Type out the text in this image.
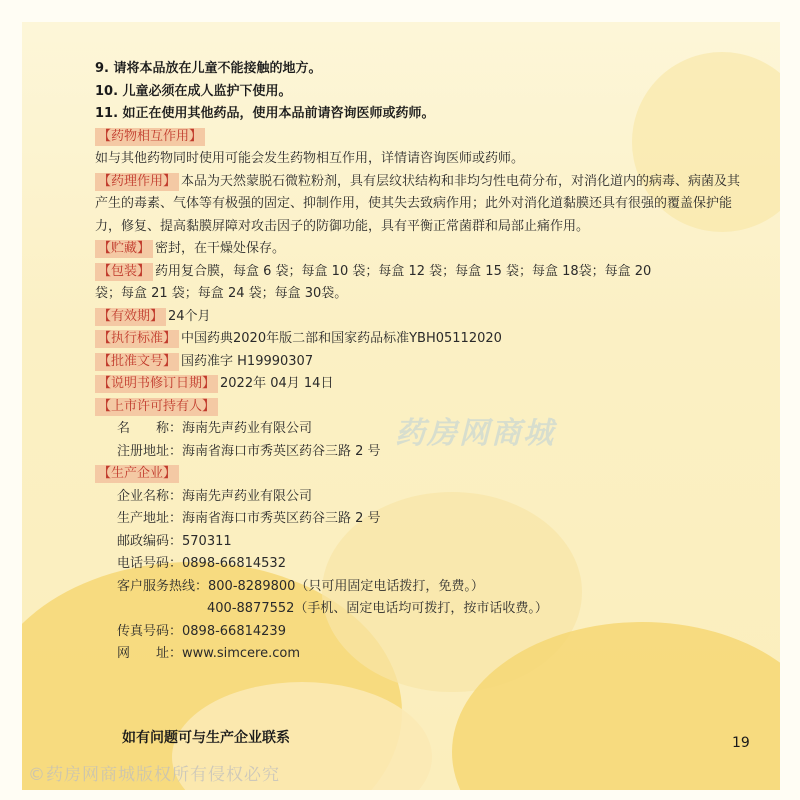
药房网商城
9. 请将本品放在儿童不能接触的地方。
10. 儿童必须在成人监护下使用。
11. 如正在使用其他药品，使用本品前请咨询医师或药师。
【药物相互作用】
如与其他药物同时使用可能会发生药物相互作用，详情请咨询医师或药师。
【药理作用】 本品为天然蒙脱石微粒粉剂，具有层纹状结构和非均匀性电荷分布，对消化道内的病毒、病菌及其产生的毒素、气体等有极强的固定、抑制作用，使其失去致病作用；此外对消化道黏膜还具有很强的覆盖保护能力，修复、提高黏膜屏障对攻击因子的防御功能，具有平衡正常菌群和局部止痛作用。
【贮藏】 密封，在干燥处保存。
【包装】 药用复合膜，每盒 6 袋；每盒 10 袋；每盒 12 袋；每盒 15 袋；每盒 18袋；每盒 20
袋；每盒 21 袋；每盒 24 袋；每盒 30袋。
【有效期】 24个月
【执行标准】 中国药典2020年版二部和国家药品标准YBH05112020
【批准文号】 国药准字 H19990307
【说明书修订日期】 2022年 04月 14日
【上市许可持有人】
名　　称：海南先声药业有限公司
注册地址：海南省海口市秀英区药谷三路 2 号
【生产企业】
企业名称：海南先声药业有限公司
生产地址：海南省海口市秀英区药谷三路 2 号
邮政编码：570311
电话号码：0898-66814532
客户服务热线：800-8289800（只可用固定电话拨打，免费。）
400-8877552（手机、固定电话均可拨打，按市话收费。）
传真号码：0898-66814239
网　　址：www.simcere.com
如有问题可与生产企业联系	19
©药房网商城版权所有侵权必究
